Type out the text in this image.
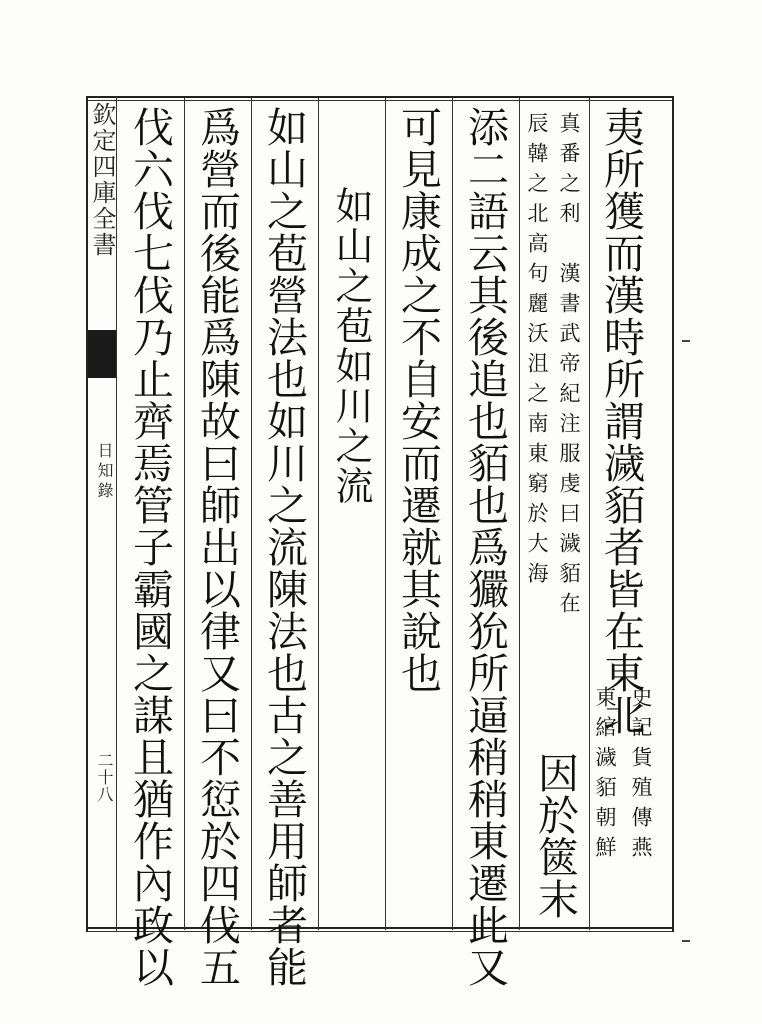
欽定四庫全書
日知錄
二十八
夷所獲而漢時所謂濊貊者皆在東北
史記貨殖傳燕
東綰濊貊朝鮮
真番之利　漢書武帝紀注服虔曰濊貊在
辰韓之北高句麗沃沮之南東窮於大海
因於篋末
添二語云其後追也貊也爲玁狁所逼稍稍東遷此又
可見康成之不自安而遷就其說也
如山之苞如川之流
如山之苞營法也如川之流陳法也古之善用師者能
爲營而後能爲陳故曰師出以律又曰不愆於四伐五
伐六伐七伐乃止齊焉管子霸國之謀且猶作內政以
